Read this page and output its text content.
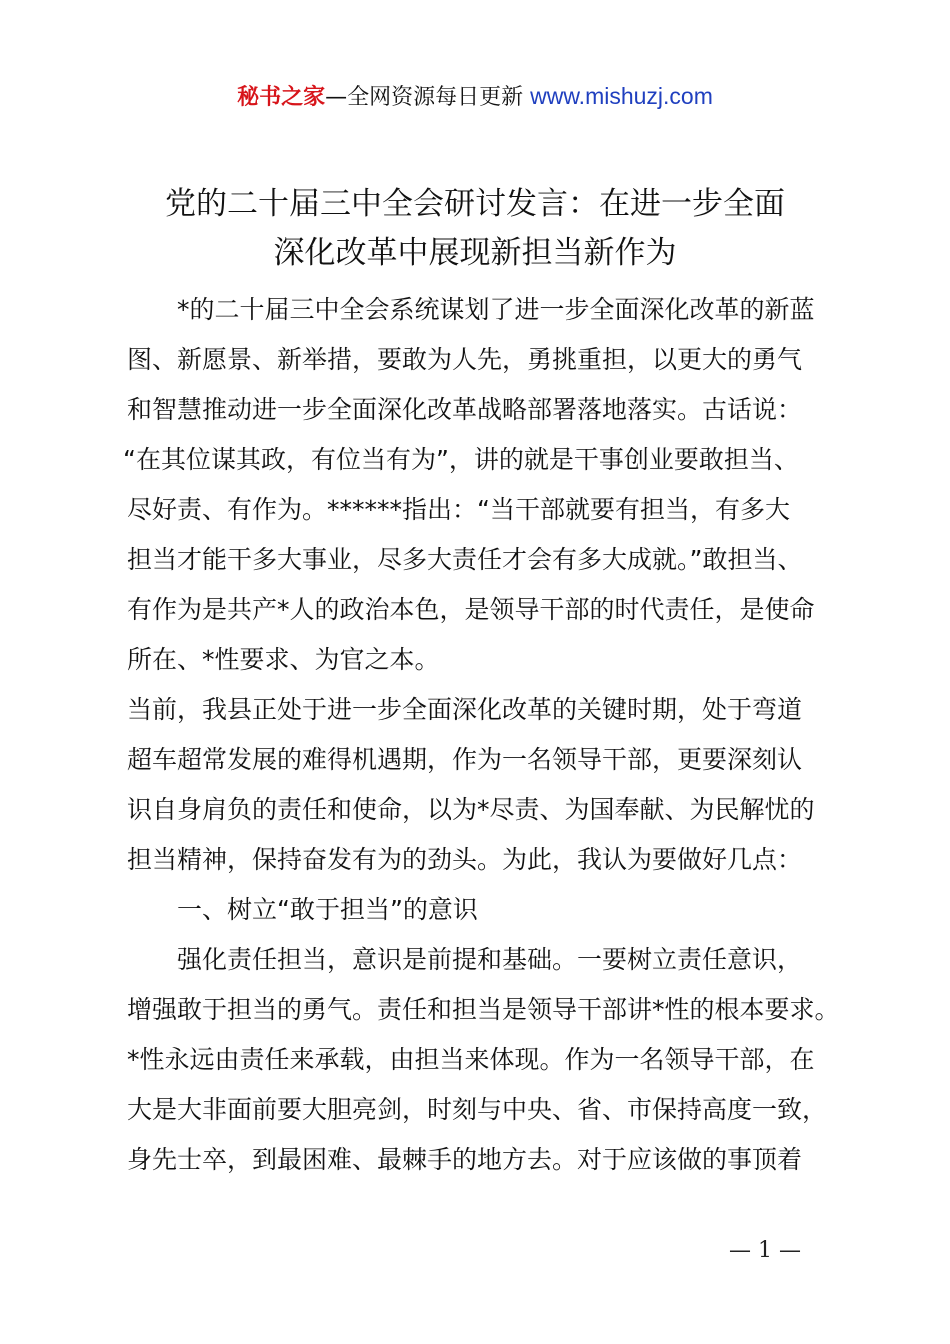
秘书之家—全网资源每日更新 www.mishuzj.com
党的二十届三中全会研讨发言：在进一步全面
深化改革中展现新担当新作为
*的二十届三中全会系统谋划了进一步全面深化改革的新蓝
图、新愿景、新举措，要敢为人先，勇挑重担，以更大的勇气
和智慧推动进一步全面深化改革战略部署落地落实。古话说：
“在其位谋其政，有位当有为”，讲的就是干事创业要敢担当、
尽好责、有作为。******指出：“当干部就要有担当，有多大
担当才能干多大事业，尽多大责任才会有多大成就。”敢担当、
有作为是共产*人的政治本色，是领导干部的时代责任，是使命
所在、*性要求、为官之本。
当前，我县正处于进一步全面深化改革的关键时期，处于弯道
超车超常发展的难得机遇期，作为一名领导干部，更要深刻认
识自身肩负的责任和使命，以为*尽责、为国奉献、为民解忧的
担当精神，保持奋发有为的劲头。为此，我认为要做好几点：
一、树立“敢于担当”的意识
强化责任担当，意识是前提和基础。一要树立责任意识，
增强敢于担当的勇气。责任和担当是领导干部讲*性的根本要求。
*性永远由责任来承载，由担当来体现。作为一名领导干部，在
大是大非面前要大胆亮剑，时刻与中央、省、市保持高度一致，
身先士卒，到最困难、最棘手的地方去。对于应该做的事顶着
— 1 —
